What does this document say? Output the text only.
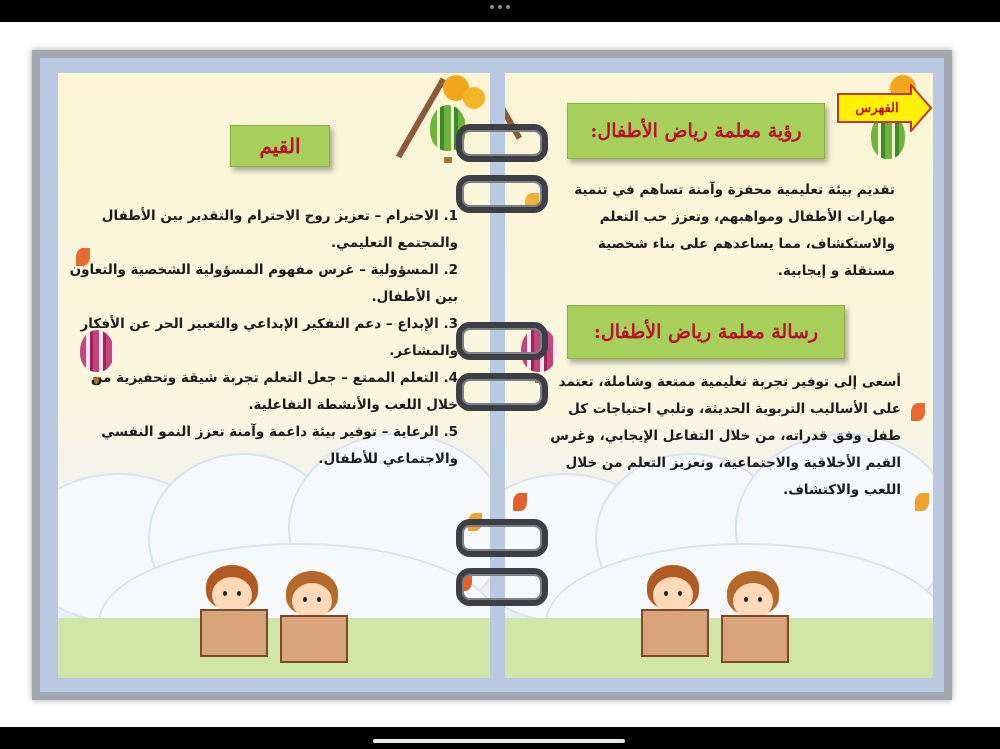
القيم
1. الاحترام – تعزيز روح الاحترام والتقدير بين الأطفال والمجتمع التعليمي.
2. المسؤولية – غرس مفهوم المسؤولية الشخصية والتعاون بين الأطفال.
3. الإبداع – دعم التفكير الإبداعي والتعبير الحر عن الأفكار والمشاعر.
4. التعلم الممتع – جعل التعلم تجربة شيقة وتحفيزية من خلال اللعب والأنشطة التفاعلية.
5. الرعاية – توفير بيئة داعمة وآمنة تعزز النمو النفسي والاجتماعي للأطفال.
رؤية معلمة رياض الأطفال:
تقديم بيئة تعليمية محفزة وآمنة تساهم في تنمية مهارات الأطفال ومواهبهم، وتعزز حب التعلم والاستكشاف، مما يساعدهم على بناء شخصية مستقلة و إيجابية.
رسالة معلمة رياض الأطفال:
أسعى إلى توفير تجربة تعليمية ممتعة وشاملة، تعتمد على الأساليب التربوية الحديثة، وتلبي احتياجات كل طفل وفق قدراته، من خلال التفاعل الإيجابي، وغرس القيم الأخلاقية والاجتماعية، وتعزيز التعلم من خلال اللعب والاكتشاف.
الفهرس
